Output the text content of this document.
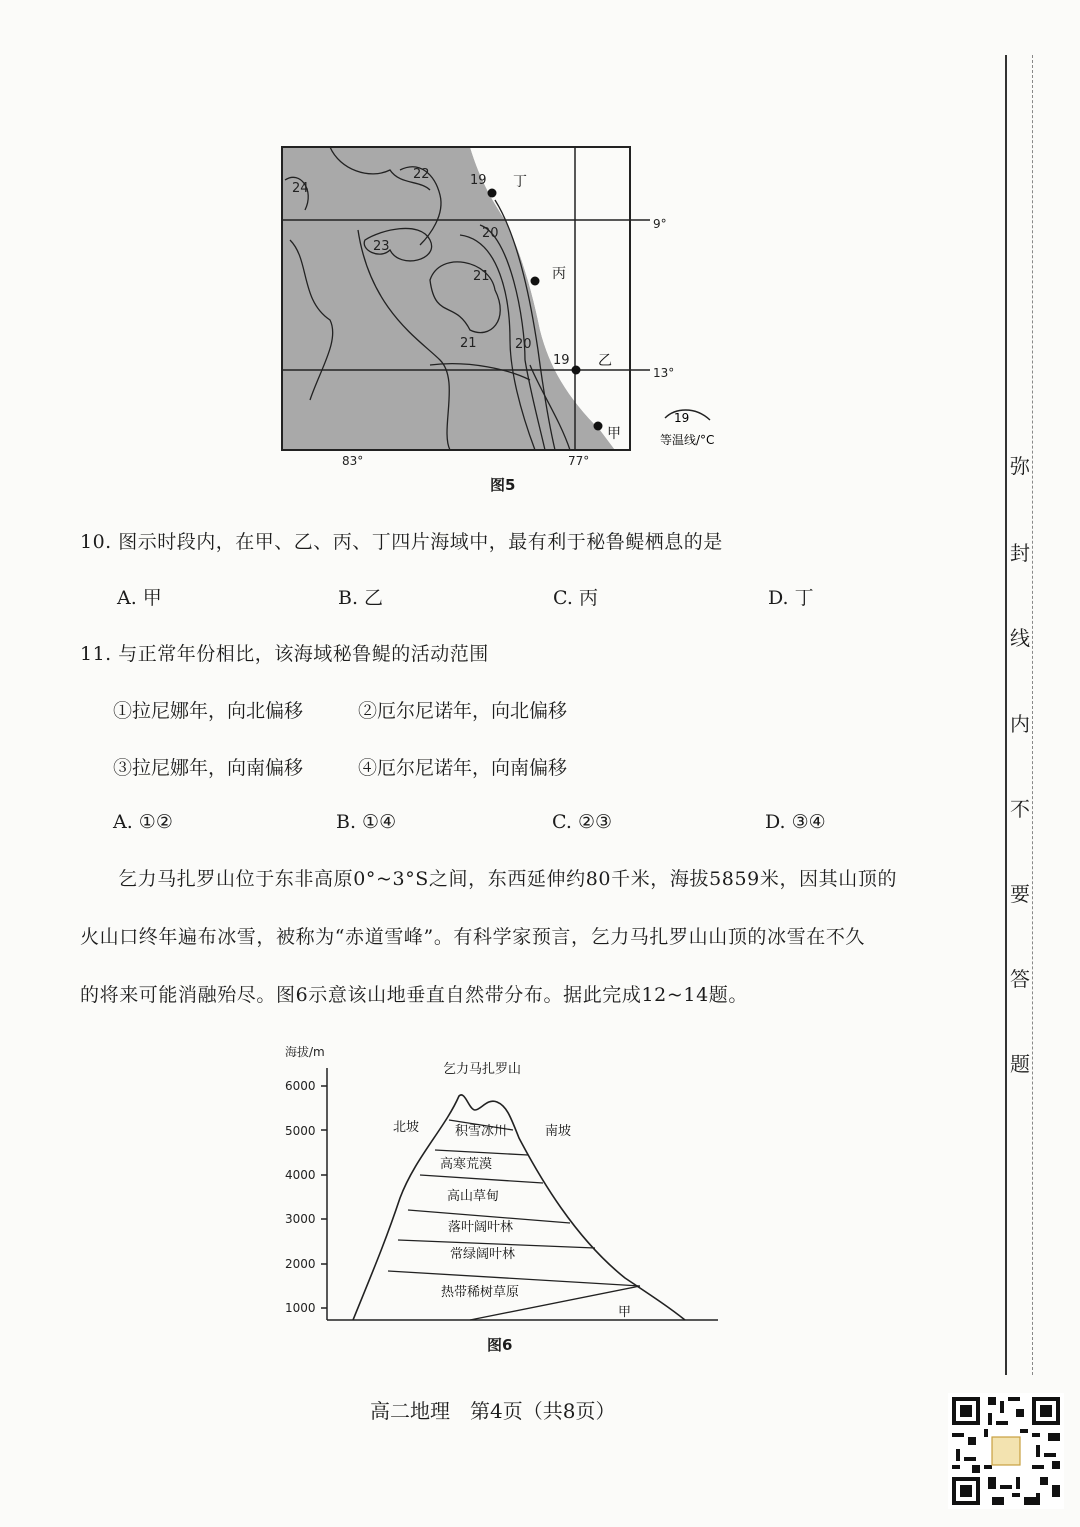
24
22	19
23
20
21
21	20
19
丁
丙
乙
甲
9°
13°
83°	77°
19
等温线/°C
图5
10. 图示时段内，在甲、乙、丙、丁四片海域中，最有利于秘鲁鳀栖息的是
A. 甲	B. 乙	C. 丙	D. 丁
11. 与正常年份相比，该海域秘鲁鳀的活动范围
①拉尼娜年，向北偏移	②厄尔尼诺年，向北偏移
③拉尼娜年，向南偏移	④厄尔尼诺年，向南偏移
A. ①②	B. ①④	C. ②③	D. ③④
乞力马扎罗山位于东非高原0°~3°S之间，东西延伸约80千米，海拔5859米，因其山顶的
火山口终年遍布冰雪，被称为“赤道雪峰”。有科学家预言，乞力马扎罗山山顶的冰雪在不久
的将来可能消融殆尽。图6示意该山地垂直自然带分布。据此完成12~14题。
海拔/m
6000
5000
4000
3000
2000
1000
乞力马扎罗山
北坡	南坡
积雪冰川
高寒荒漠
高山草甸
落叶阔叶林
常绿阔叶林
热带稀树草原
甲
图6
弥
封
线
内
不
要
答
题
高二地理　第4页（共8页）
